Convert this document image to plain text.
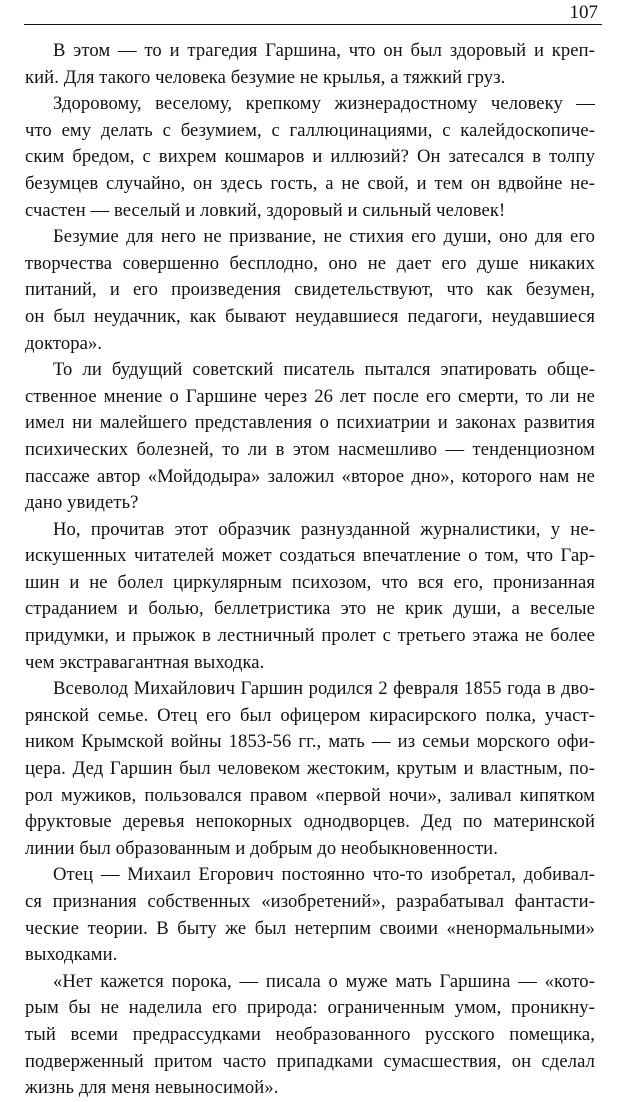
107

В этом — то и трагедия Гаршина, что он был здоровый и креп-
кий. Для такого человека безумие не крылья, а тяжкий груз.

Здоровому, веселому, крепкому жизнерадостному человеку —
что ему делать с безумием, с галлюцинациями, с калейдоскопиче-
ским бредом, с вихрем кошмаров и иллюзий? Он затесался в толпу
безумцев случайно, он здесь гость, а не свой, и тем он вдвойне не-
счастен — веселый и ловкий, здоровый и сильный человек!

Безумие для него не призвание, не стихия его души, оно для его
творчества совершенно бесплодно, оно не дает его душе никаких
питаний, и его произведения свидетельствуют, что как безумен,
он был неудачник, как бывают неудавшиеся педагоги, неудавшиеся
доктора».

То ли будущий советский писатель пытался эпатировать обще-
ственное мнение о Гаршине через 26 лет после его смерти, то ли не
имел ни малейшего представления о психиатрии и законах развития
психических болезней, то ли в этом насмешливо — тенденциозном
пассаже автор «Мойдодыра» заложил «второе дно», которого нам не
дано увидеть?

Но, прочитав этот образчик разнузданной журналистики, у не-
искушенных читателей может создаться впечатление о том, что Гар-
шин и не болел циркулярным психозом, что вся его, пронизанная
страданием и болью, беллетристика это не крик души, а веселые
придумки, и прыжок в лестничный пролет с третьего этажа не более
чем экстравагантная выходка.

Всеволод Михайлович Гаршин родился 2 февраля 1855 года в дво-
рянской семье. Отец его был офицером кирасирского полка, участ-
ником Крымской войны 1853-56 гг., мать — из семьи морского офи-
цера. Дед Гаршин был человеком жестоким, крутым и властным, по-
рол мужиков, пользовался правом «первой ночи», заливал кипятком
фруктовые деревья непокорных однодворцев. Дед по материнской
линии был образованным и добрым до необыкновенности.

Отец — Михаил Егорович постоянно что-то изобретал, добивал-
ся признания собственных «изобретений», разрабатывал фантасти-
ческие теории. В быту же был нетерпим своими «ненормальными»
выходками.

«Нет кажется порока, — писала о муже мать Гаршина — «кото-
рым бы не наделила его природа: ограниченным умом, проникну-
тый всеми предрассудками необразованного русского помещика,
подверженный притом часто припадками сумасшествия, он сделал
жизнь для меня невыносимой».
